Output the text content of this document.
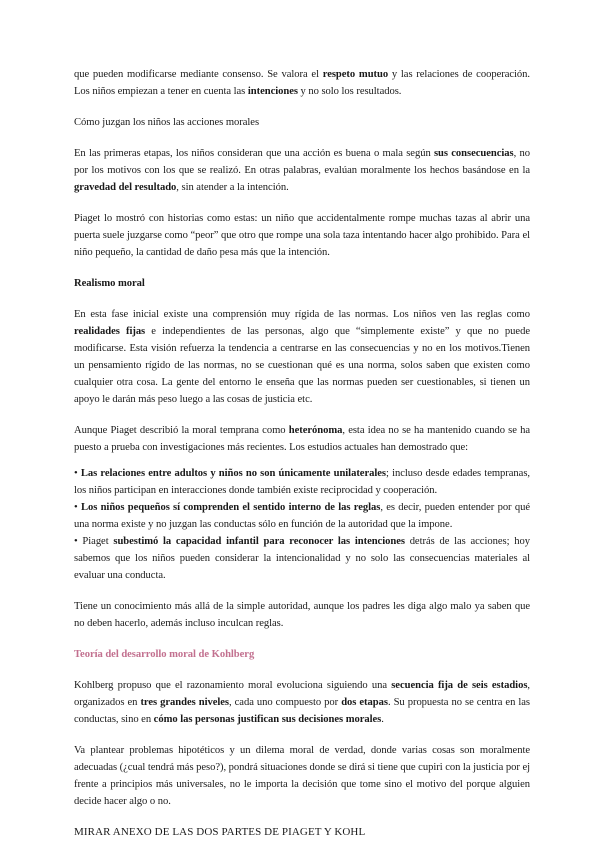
que pueden modificarse mediante consenso. Se valora el respeto mutuo y las relaciones de cooperación. Los niños empiezan a tener en cuenta las intenciones y no solo los resultados.

Cómo juzgan los niños las acciones morales

En las primeras etapas, los niños consideran que una acción es buena o mala según sus consecuencias, no por los motivos con los que se realizó. En otras palabras, evalúan moralmente los hechos basándose en la gravedad del resultado, sin atender a la intención.

Piaget lo mostró con historias como estas: un niño que accidentalmente rompe muchas tazas al abrir una puerta suele juzgarse como “peor” que otro que rompe una sola taza intentando hacer algo prohibido. Para el niño pequeño, la cantidad de daño pesa más que la intención.

Realismo moral

En esta fase inicial existe una comprensión muy rígida de las normas. Los niños ven las reglas como realidades fijas e independientes de las personas, algo que “simplemente existe” y que no puede modificarse. Esta visión refuerza la tendencia a centrarse en las consecuencias y no en los motivos.Tienen un pensamiento rígido de las normas, no se cuestionan qué es una norma, solos saben que existen como cualquier otra cosa. La gente del entorno le enseña que las normas pueden ser cuestionables, si tienen un apoyo le darán más peso luego a las cosas de justicia etc.

Aunque Piaget describió la moral temprana como heterónoma, esta idea no se ha mantenido cuando se ha puesto a prueba con investigaciones más recientes. Los estudios actuales han demostrado que:

• Las relaciones entre adultos y niños no son únicamente unilaterales; incluso desde edades tempranas, los niños participan en interacciones donde también existe reciprocidad y cooperación.

• Los niños pequeños sí comprenden el sentido interno de las reglas, es decir, pueden entender por qué una norma existe y no juzgan las conductas sólo en función de la autoridad que la impone.

• Piaget subestimó la capacidad infantil para reconocer las intenciones detrás de las acciones; hoy sabemos que los niños pueden considerar la intencionalidad y no solo las consecuencias materiales al evaluar una conducta.

Tiene un conocimiento más allá de la simple autoridad, aunque los padres les diga algo malo ya saben que no deben hacerlo, además incluso inculcan reglas.

Teoría del desarrollo moral de Kohlberg

Kohlberg propuso que el razonamiento moral evoluciona siguiendo una secuencia fija de seis estadios, organizados en tres grandes niveles, cada uno compuesto por dos etapas. Su propuesta no se centra en las conductas, sino en cómo las personas justifican sus decisiones morales.

Va plantear problemas hipotéticos y un dilema moral de verdad, donde varias cosas son moralmente adecuadas (¿cual tendrá más peso?), pondrá situaciones donde se dirá si tiene que cupiri con la justicia por ej frente a principios más universales, no le importa la decisión que tome sino el motivo del porque alguien decide hacer algo o no.

MIRAR ANEXO DE LAS DOS PARTES DE PIAGET Y KOHL
